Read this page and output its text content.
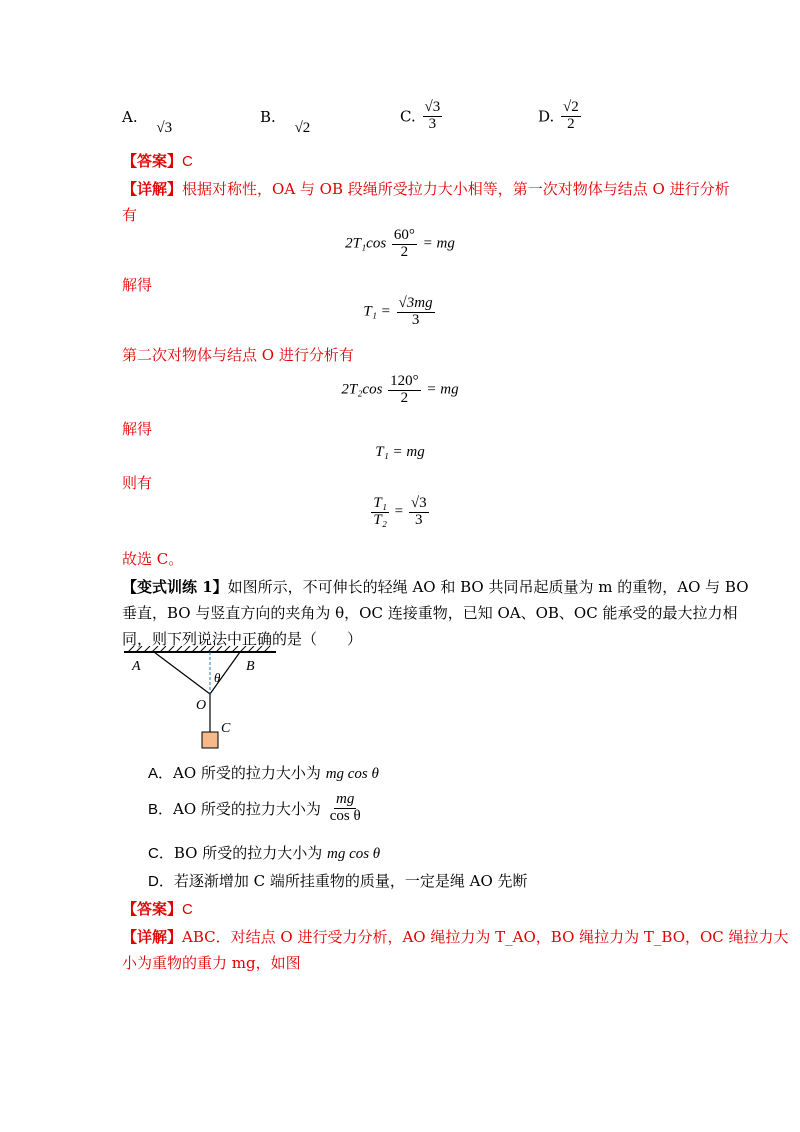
A. √3
B. √2
C. $\frac{√3}{3}$	D. $\frac{√2}{2}$
【答案】C
【详解】根据对称性，OA 与 OB 段绳所受拉力大小相等，第一次对物体与结点 O 进行分析
有
$2T_1\cos \frac{60^\circ}{2}$ = mg
解得
$T_1 = \frac{√3mg}{3}$
第二次对物体与结点 O 进行分析有
$2T_2\cos \frac{120^\circ}{2}$ = mg
解得
T₁ = mg
则有
$\frac{\text{T₁}}{\text{T₂}} = \frac{√3}{3}$
故选 C。
【变式训练 1】如图所示，不可伸长的轻绳 AO 和 BO 共同吊起质量为 m 的重物，AO 与 BO
垂直，BO 与竖直方向的夹角为 θ，OC 连接重物，已知 OA、OB、OC 能承受的最大拉力相
同，则下列说法中正确的是（　　）
A	B
θ
O
C
A．AO 所受的拉力大小为 mg cos θ
B．AO 所受的拉力大小为 $\frac{mg}{\text{cos θ}}$
C．BO 所受的拉力大小为 mg cos θ
D．若逐渐增加 C 端所挂重物的质量，一定是绳 AO 先断
【答案】C
【详解】ABC．对结点 O 进行受力分析，AO 绳拉力为 T_AO，BO 绳拉力为 T_BO，OC 绳拉力大
小为重物的重力 mg，如图
